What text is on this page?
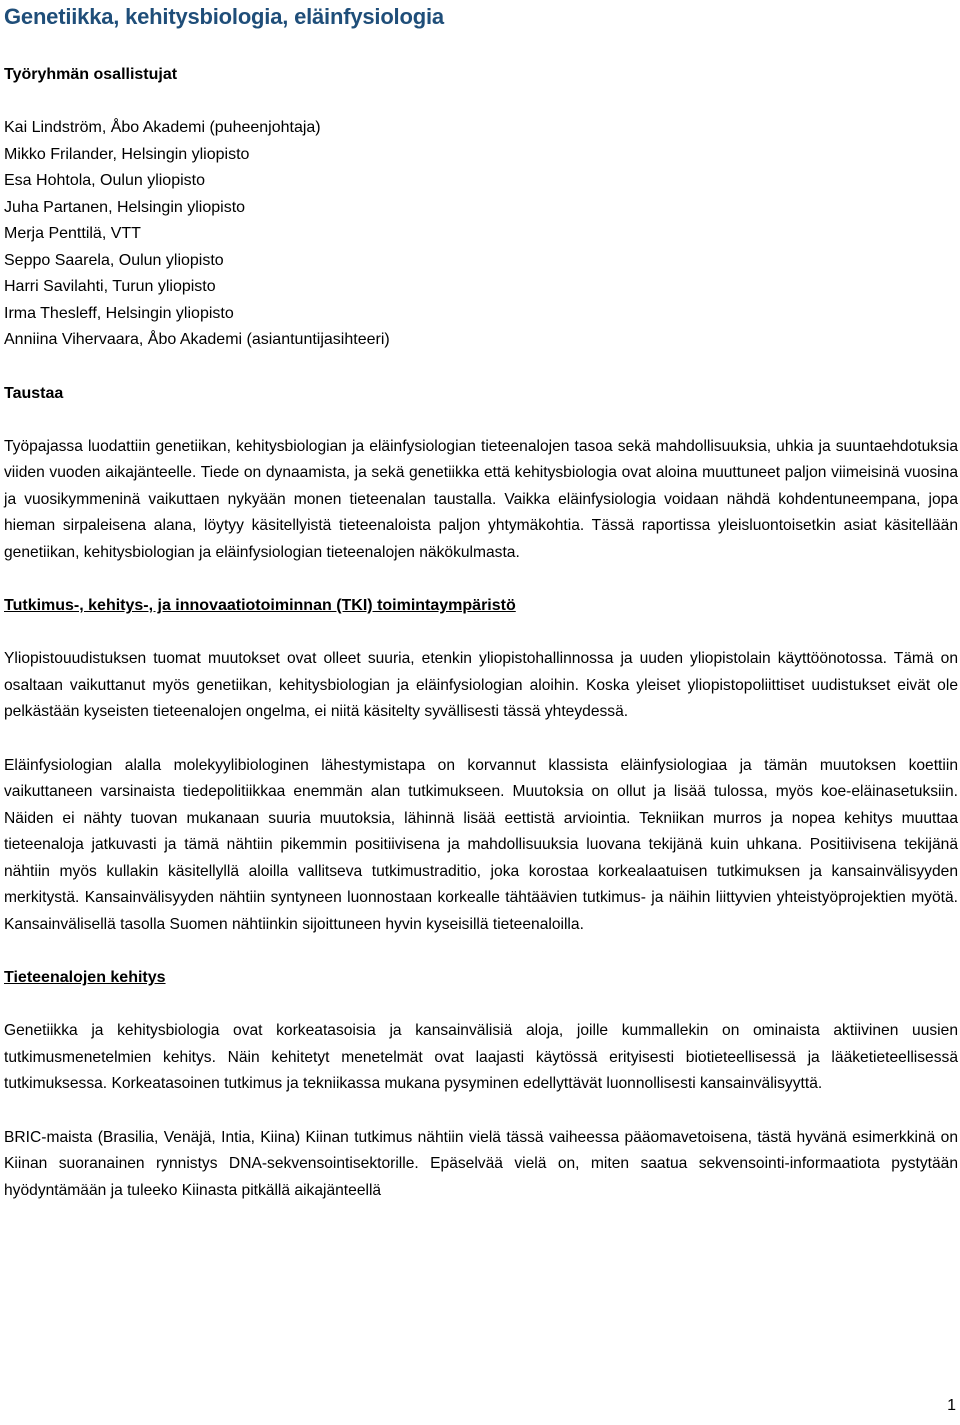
Genetiikka, kehitysbiologia, eläinfysiologia
Työryhmän osallistujat
Kai Lindström, Åbo Akademi (puheenjohtaja)
Mikko Frilander, Helsingin yliopisto
Esa Hohtola, Oulun yliopisto
Juha Partanen, Helsingin yliopisto
Merja Penttilä, VTT
Seppo Saarela, Oulun yliopisto
Harri Savilahti, Turun yliopisto
Irma Thesleff, Helsingin yliopisto
Anniina Vihervaara, Åbo Akademi (asiantuntijasihteeri)
Taustaa

Työpajassa luodattiin genetiikan, kehitysbiologian ja eläinfysiologian tieteenalojen tasoa sekä mahdollisuuksia, uhkia ja suuntaehdotuksia viiden vuoden aikajänteelle. Tiede on dynaamista, ja sekä genetiikka että kehitysbiologia ovat aloina muuttuneet paljon viimeisinä vuosina ja vuosikymmeninä vaikuttaen nykyään monen tieteenalan taustalla. Vaikka eläinfysiologia voidaan nähdä kohdentuneempana, jopa hieman sirpaleisena alana, löytyy käsitellyistä tieteenaloista paljon yhtymäkohtia. Tässä raportissa yleisluontoisetkin asiat käsitellään genetiikan, kehitysbiologian ja eläinfysiologian tieteenalojen näkökulmasta.

Tutkimus-, kehitys-, ja innovaatiotoiminnan (TKI) toimintaympäristö

Yliopistouudistuksen tuomat muutokset ovat olleet suuria, etenkin yliopistohallinnossa ja uuden yliopistolain käyttöönotossa. Tämä on osaltaan vaikuttanut myös genetiikan, kehitysbiologian ja eläinfysiologian aloihin. Koska yleiset yliopistopoliittiset uudistukset eivät ole pelkästään kyseisten tieteenalojen ongelma, ei niitä käsitelty syvällisesti tässä yhteydessä.

Eläinfysiologian alalla molekyylibiologinen lähestymistapa on korvannut klassista eläinfysiologiaa ja tämän muutoksen koettiin vaikuttaneen varsinaista tiedepolitiikkaa enemmän alan tutkimukseen. Muutoksia on ollut ja lisää tulossa, myös koe-eläinasetuksiin. Näiden ei nähty tuovan mukanaan suuria muutoksia, lähinnä lisää eettistä arviointia. Tekniikan murros ja nopea kehitys muuttaa tieteenaloja jatkuvasti ja tämä nähtiin pikemmin positiivisena ja mahdollisuuksia luovana tekijänä kuin uhkana. Positiivisena tekijänä nähtiin myös kullakin käsitellyllä aloilla vallitseva tutkimustraditio, joka korostaa korkealaatuisen tutkimuksen ja kansainvälisyyden merkitystä. Kansainvälisyyden nähtiin syntyneen luonnostaan korkealle tähtäävien tutkimus- ja näihin liittyvien yhteistyöprojektien myötä. Kansainvälisellä tasolla Suomen nähtiinkin sijoittuneen hyvin kyseisillä tieteenaloilla.

Tieteenalojen kehitys

Genetiikka ja kehitysbiologia ovat korkeatasoisia ja kansainvälisiä aloja, joille kummallekin on ominaista aktiivinen uusien tutkimusmenetelmien kehitys. Näin kehitetyt menetelmät ovat laajasti käytössä erityisesti biotieteellisessä ja lääketieteellisessä tutkimuksessa. Korkeatasoinen tutkimus ja tekniikassa mukana pysyminen edellyttävät luonnollisesti kansainvälisyyttä.

BRIC-maista (Brasilia, Venäjä, Intia, Kiina) Kiinan tutkimus nähtiin vielä tässä vaiheessa pääomavetoisena, tästä hyvänä esimerkkinä on Kiinan suoranainen rynnistys DNA-sekvensointisektorille. Epäselvää vielä on, miten saatua sekvensointi-informaatiota pystytään hyödyntämään ja tuleeko Kiinasta pitkällä aikajänteellä

1
